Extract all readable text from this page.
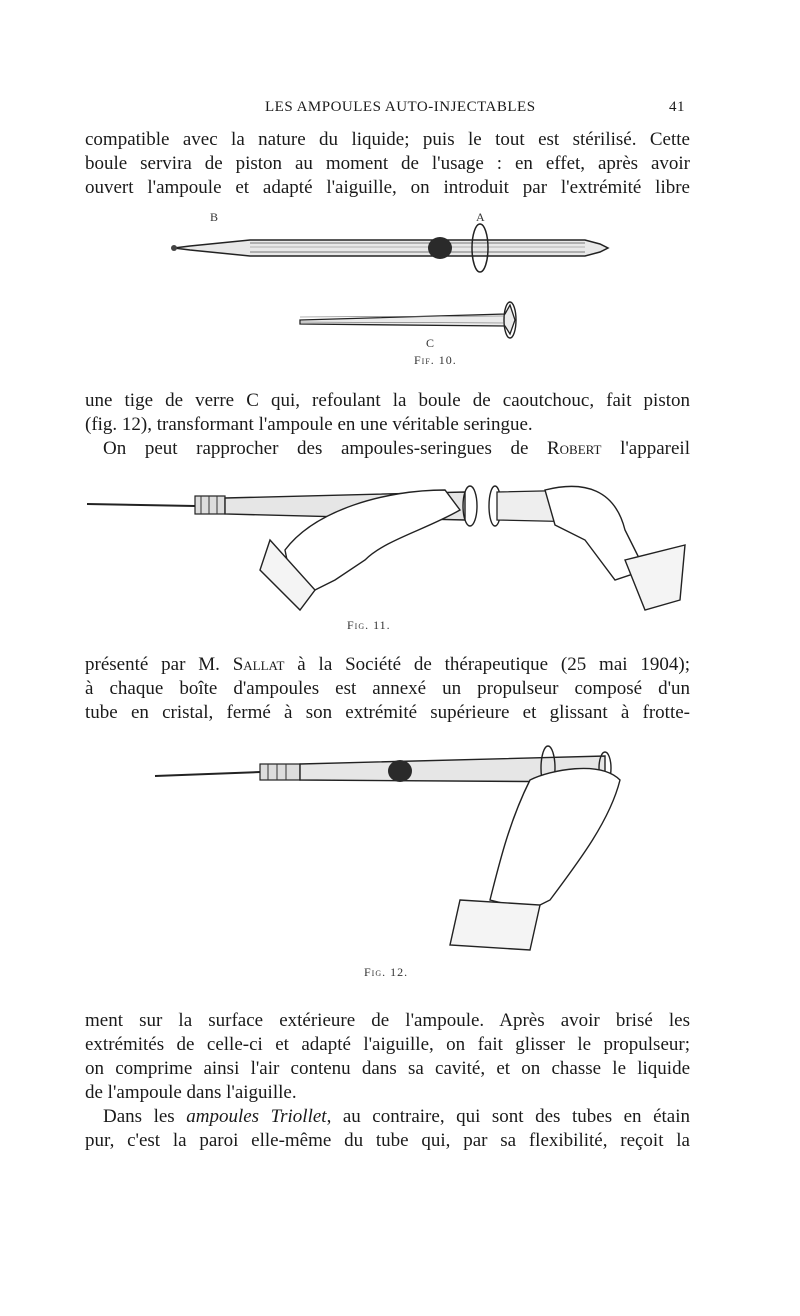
LES AMPOULES AUTO-INJECTABLES	41
compatible avec la nature du liquide; puis le tout est stérilisé. Cette
boule servira de piston au moment de l'usage : en effet, après avoir
ouvert l'ampoule et adapté l'aiguille, on introduit par l'extrémité libre
B	A
C
Fif. 10.
une tige de verre C qui, refoulant la boule de caoutchouc, fait piston
(fig. 12), transformant l'ampoule en une véritable seringue.
On peut rapprocher des ampoules-seringues de Robert l'appareil
Fig. 11.
présenté par M. Sallat à la Société de thérapeutique (25 mai 1904);
à chaque boîte d'ampoules est annexé un propulseur composé d'un
tube en cristal, fermé à son extrémité supérieure et glissant à frotte-
Fig. 12.
ment sur la surface extérieure de l'ampoule. Après avoir brisé les
extrémités de celle-ci et adapté l'aiguille, on fait glisser le propulseur;
on comprime ainsi l'air contenu dans sa cavité, et on chasse le liquide
de l'ampoule dans l'aiguille.
Dans les ampoules Triollet, au contraire, qui sont des tubes en étain
pur, c'est la paroi elle-même du tube qui, par sa flexibilité, reçoit la
